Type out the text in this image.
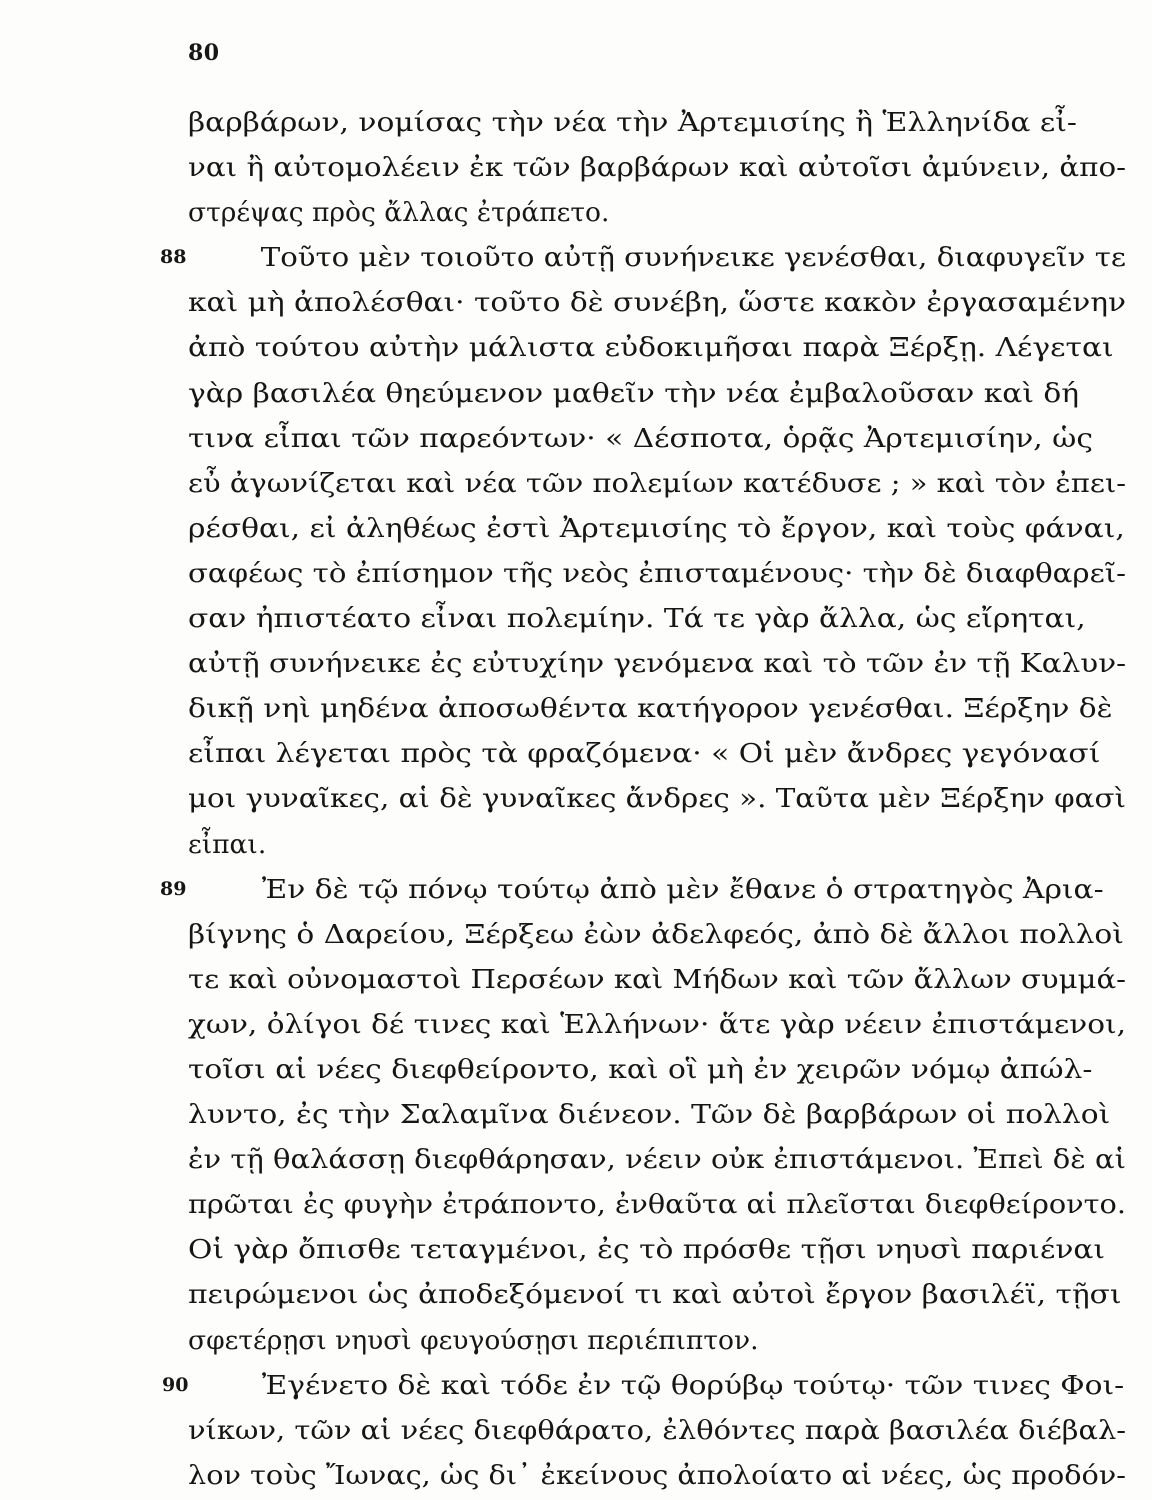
80
βαρβάρων, νομίσας τὴν νέα τὴν Ἀρτεμισίης ἢ Ἑλληνίδα εἶ-
ναι ἢ αὐτομολέειν ἐκ τῶν βαρβάρων καὶ αὐτοῖσι ἀμύνειν, ἀπο-
στρέψας πρὸς ἄλλας ἐτράπετο.
88	Τοῦτο μὲν τοιοῦτο αὐτῇ συνήνεικε γενέσθαι, διαφυγεῖν τε
καὶ μὴ ἀπολέσθαι· τοῦτο δὲ συνέβη, ὥστε κακὸν ἐργασαμένην
ἀπὸ τούτου αὐτὴν μάλιστα εὐδοκιμῆσαι παρὰ Ξέρξῃ. Λέγεται
γὰρ βασιλέα θηεύμενον μαθεῖν τὴν νέα ἐμβαλοῦσαν καὶ δή
τινα εἶπαι τῶν παρεόντων· « Δέσποτα, ὁρᾷς Ἀρτεμισίην, ὡς
εὖ ἀγωνίζεται καὶ νέα τῶν πολεμίων κατέδυσε ; » καὶ τὸν ἐπει-
ρέσθαι, εἰ ἀληθέως ἐστὶ Ἀρτεμισίης τὸ ἔργον, καὶ τοὺς φάναι,
σαφέως τὸ ἐπίσημον τῆς νεὸς ἐπισταμένους· τὴν δὲ διαφθαρεῖ-
σαν ἠπιστέατο εἶναι πολεμίην. Τά τε γὰρ ἄλλα, ὡς εἴρηται,
αὐτῇ συνήνεικε ἐς εὐτυχίην γενόμενα καὶ τὸ τῶν ἐν τῇ Καλυν-
δικῇ νηὶ μηδένα ἀποσωθέντα κατήγορον γενέσθαι. Ξέρξην δὲ
εἶπαι λέγεται πρὸς τὰ φραζόμενα· « Οἱ μὲν ἄνδρες γεγόνασί
μοι γυναῖκες, αἱ δὲ γυναῖκες ἄνδρες ». Ταῦτα μὲν Ξέρξην φασὶ
εἶπαι.
89	Ἐν δὲ τῷ πόνῳ τούτῳ ἀπὸ μὲν ἔθανε ὁ στρατηγὸς Ἀρια-
βίγνης ὁ Δαρείου, Ξέρξεω ἐὼν ἀδελφεός, ἀπὸ δὲ ἄλλοι πολλοὶ
τε καὶ οὐνομαστοὶ Περσέων καὶ Μήδων καὶ τῶν ἄλλων συμμά-
χων, ὀλίγοι δέ τινες καὶ Ἑλλήνων· ἅτε γὰρ νέειν ἐπιστάμενοι,
τοῖσι αἱ νέες διεφθείροντο, καὶ οἳ μὴ ἐν χειρῶν νόμῳ ἀπώλ-
λυντο, ἐς τὴν Σαλαμῖνα διένεον. Τῶν δὲ βαρβάρων οἱ πολλοὶ
ἐν τῇ θαλάσσῃ διεφθάρησαν, νέειν οὐκ ἐπιστάμενοι. Ἐπεὶ δὲ αἱ
πρῶται ἐς φυγὴν ἐτράποντο, ἐνθαῦτα αἱ πλεῖσται διεφθείροντο.
Οἱ γὰρ ὄπισθε τεταγμένοι, ἐς τὸ πρόσθε τῇσι νηυσὶ παριέναι
πειρώμενοι ὡς ἀποδεξόμενοί τι καὶ αὐτοὶ ἔργον βασιλέϊ, τῇσι
σφετέρῃσι νηυσὶ φευγούσῃσι περιέπιπτον.
90	Ἐγένετο δὲ καὶ τόδε ἐν τῷ θορύβῳ τούτῳ· τῶν τινες Φοι-
νίκων, τῶν αἱ νέες διεφθάρατο, ἐλθόντες παρὰ βασιλέα διέβαλ-
λον τοὺς Ἴωνας, ὡς δι᾽ ἐκείνους ἀπολοίατο αἱ νέες, ὡς προδόν-
